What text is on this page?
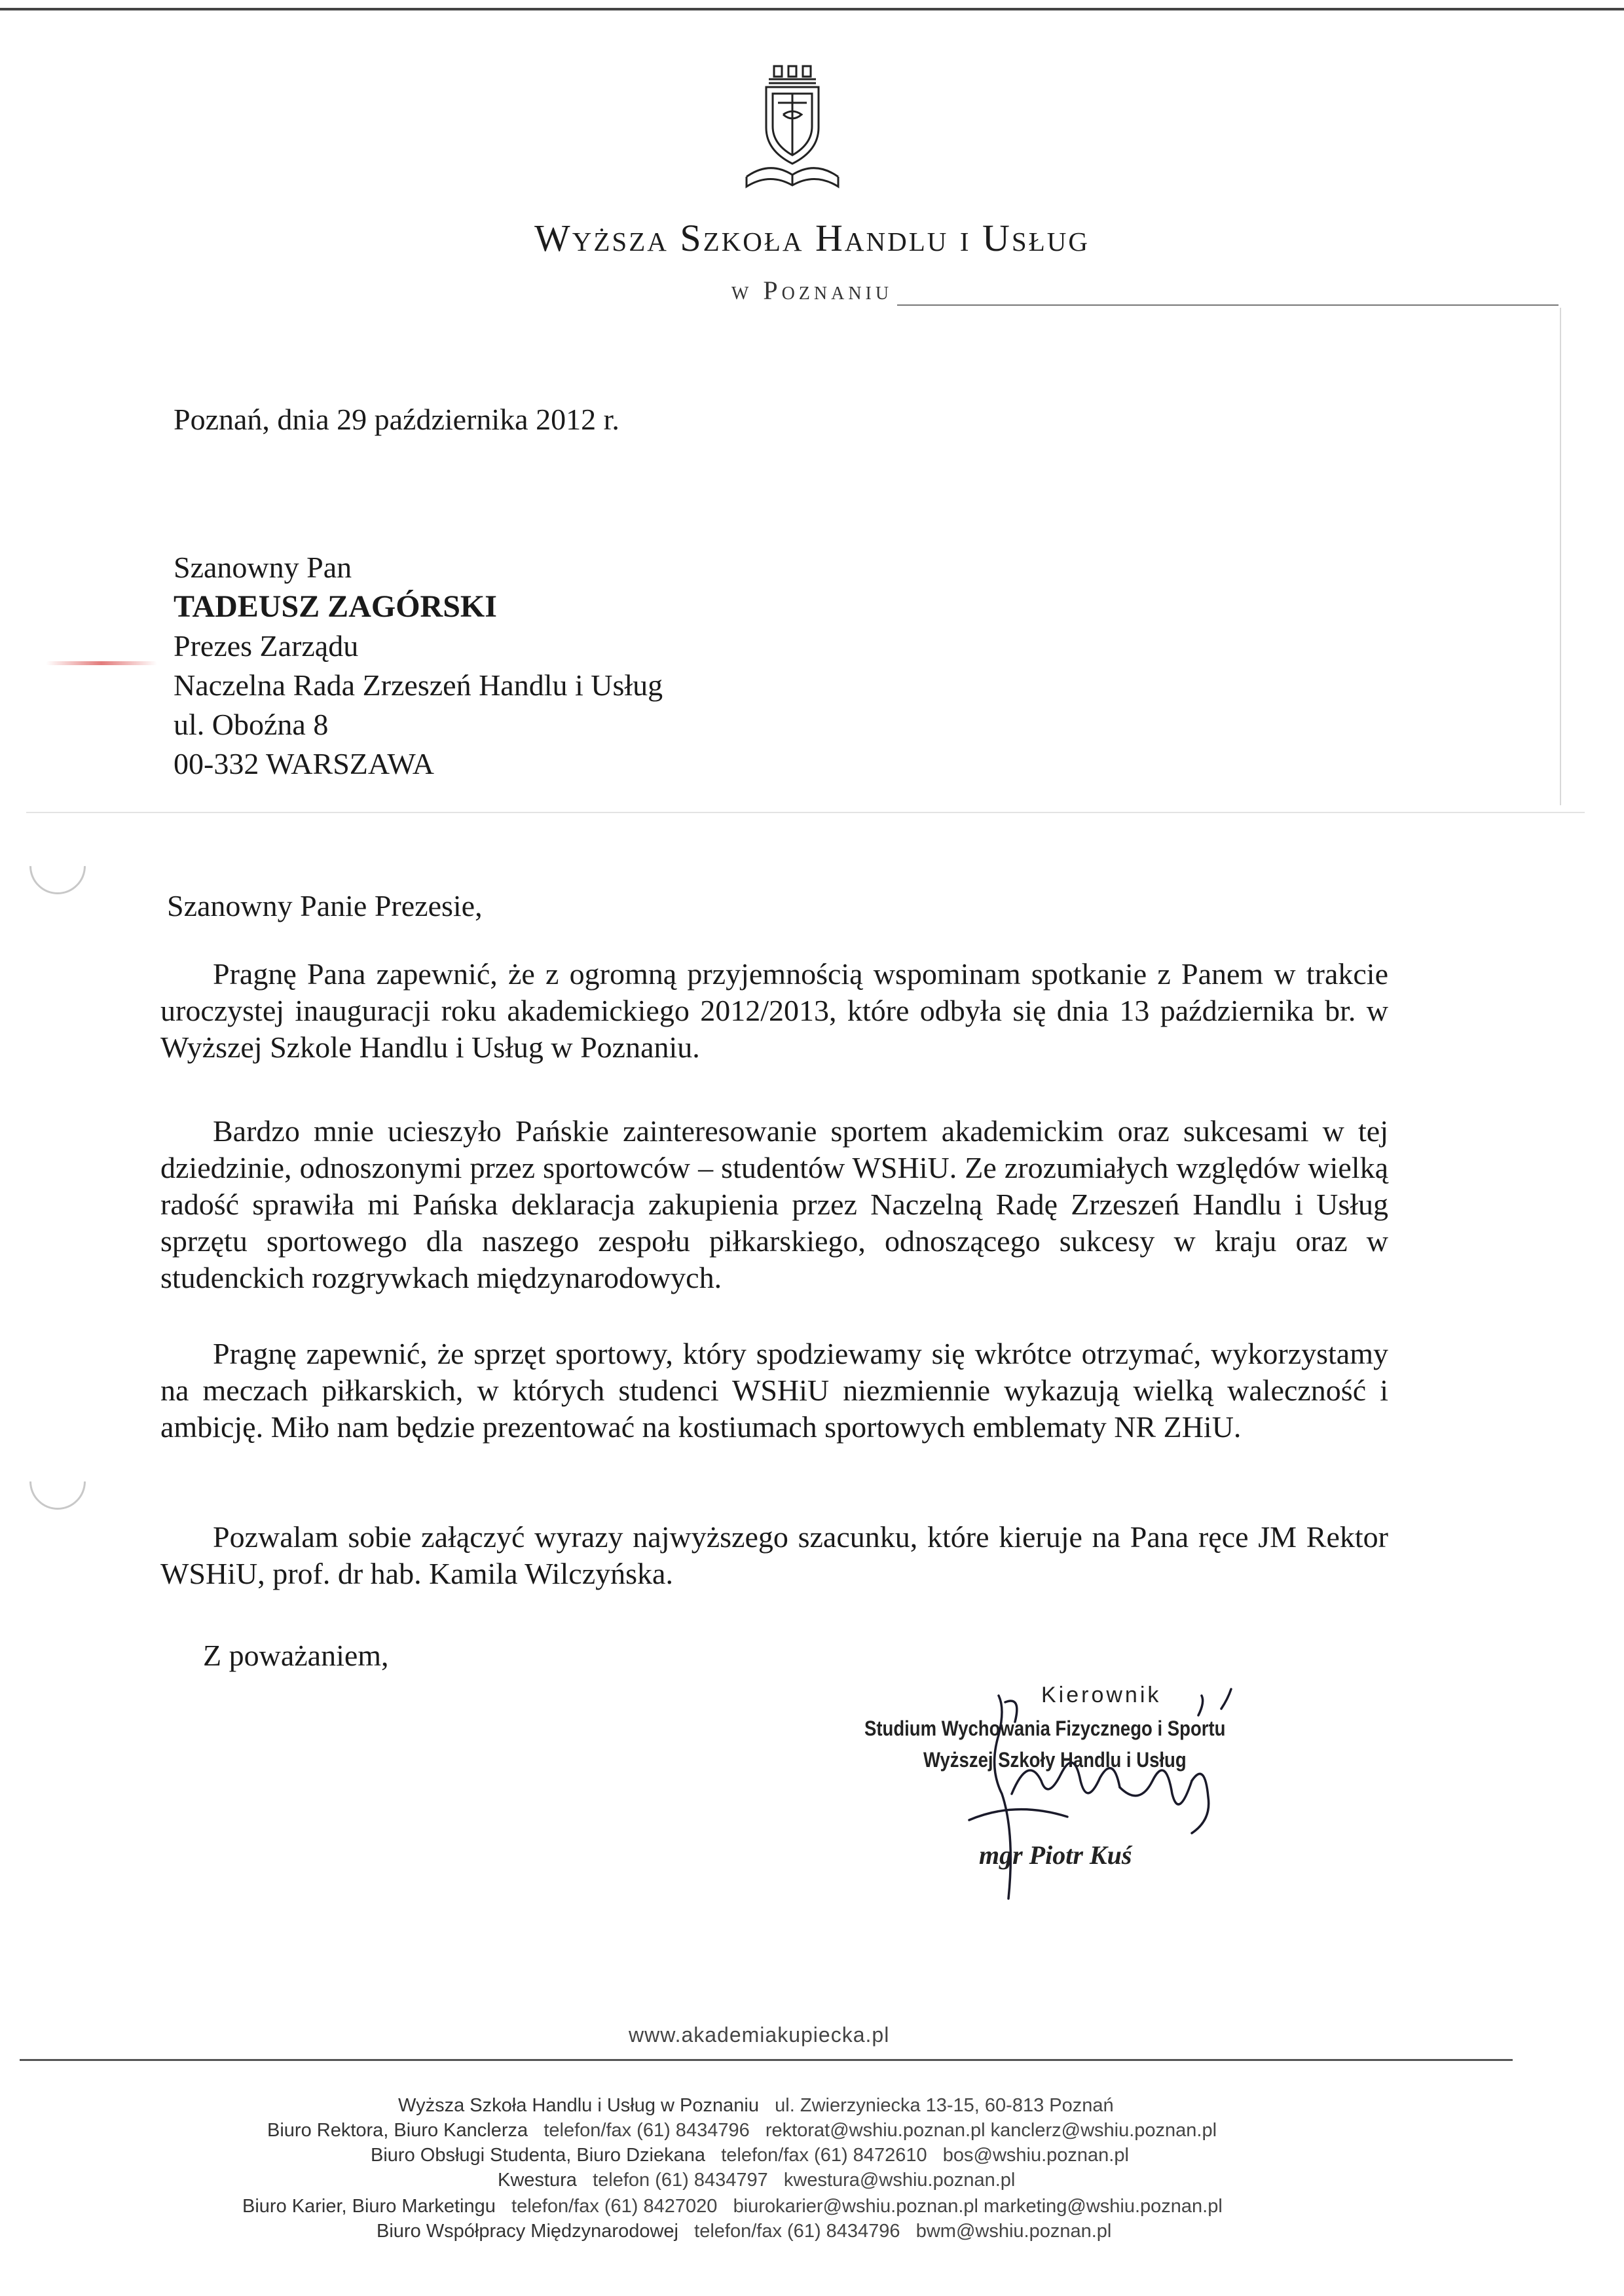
Wyższa Szkoła Handlu i Usług
w Poznaniu
Poznań, dnia 29 października 2012 r.
Szanowny Pan
TADEUSZ ZAGÓRSKI
Prezes Zarządu
Naczelna Rada Zrzeszeń Handlu i Usług
ul. Oboźna 8
00-332 WARSZAWA
Szanowny Panie Prezesie,
Pragnę Pana zapewnić, że z ogromną przyjemnością wspominam spotkanie z Panem w trakcie uroczystej inauguracji roku akademickiego 2012/2013, które odbyła się dnia 13 października br. w Wyższej Szkole Handlu i Usług w Poznaniu.
Bardzo mnie ucieszyło Pańskie zainteresowanie sportem akademickim oraz sukcesami w tej dziedzinie, odnoszonymi przez sportowców – studentów WSHiU. Ze zrozumiałych względów wielką radość sprawiła mi Pańska deklaracja zakupienia przez Naczelną Radę Zrzeszeń Handlu i Usług sprzętu sportowego dla naszego zespołu piłkarskiego, odnoszącego sukcesy w kraju oraz w studenckich rozgrywkach międzynarodowych.
Pragnę zapewnić, że sprzęt sportowy, który spodziewamy się wkrótce otrzymać, wykorzystamy na meczach piłkarskich, w których studenci WSHiU niezmiennie wykazują wielką waleczność i ambicję. Miło nam będzie prezentować na kostiumach sportowych emblematy NR ZHiU.
Pozwalam sobie załączyć wyrazy najwyższego szacunku, które kieruje na Pana ręce JM Rektor WSHiU, prof. dr hab. Kamila Wilczyńska.
Z poważaniem,
Kierownik
Studium Wychowania Fizycznego i Sportu
Wyższej Szkoły Handlu i Usług
mgr Piotr Kuś
www.akademiakupiecka.pl
Wyższa Szkoła Handlu i Usług w Poznaniu ul. Zwierzyniecka 13-15, 60-813 Poznań
Biuro Rektora, Biuro Kanclerza telefon/fax (61) 8434796 rektorat@wshiu.poznan.pl kanclerz@wshiu.poznan.pl
Biuro Obsługi Studenta, Biuro Dziekana telefon/fax (61) 8472610 bos@wshiu.poznan.pl
Kwestura telefon (61) 8434797 kwestura@wshiu.poznan.pl
Biuro Karier, Biuro Marketingu telefon/fax (61) 8427020 biurokarier@wshiu.poznan.pl marketing@wshiu.poznan.pl
Biuro Współpracy Międzynarodowej telefon/fax (61) 8434796 bwm@wshiu.poznan.pl
